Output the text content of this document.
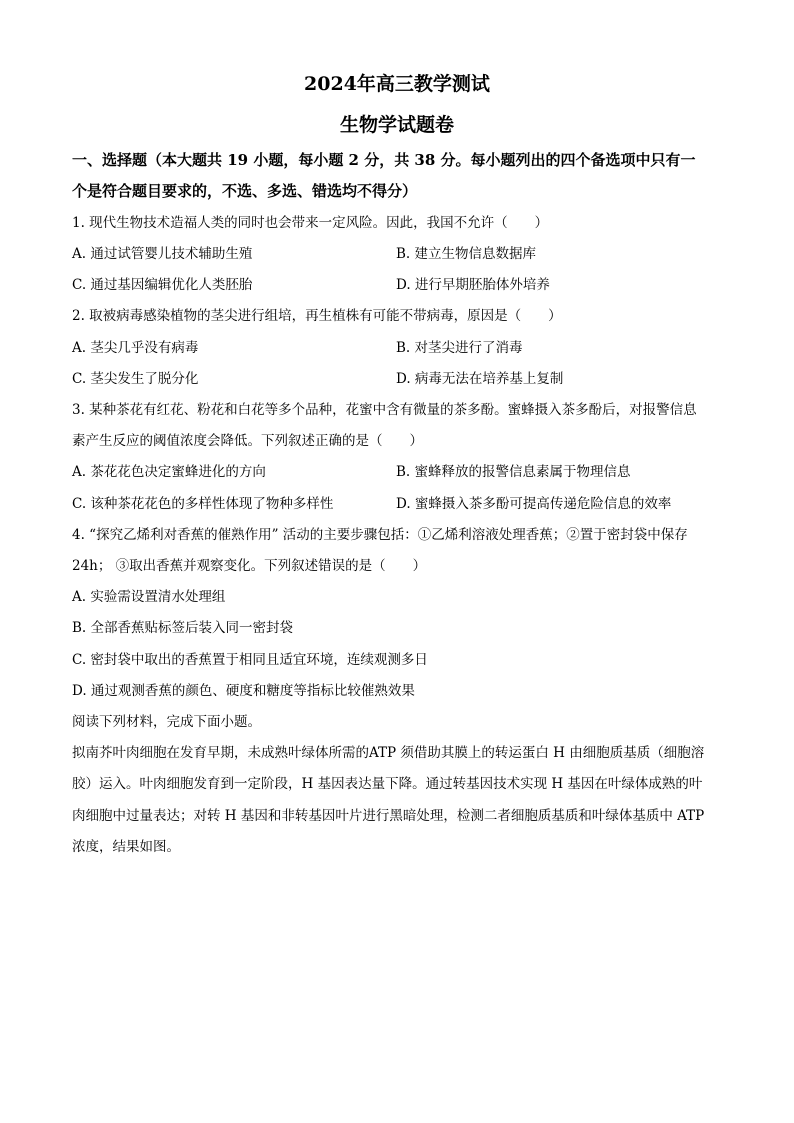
2024年高三教学测试
生物学试题卷
一、选择题（本大题共 19 小题，每小题 2 分，共 38 分。每小题列出的四个备选项中只有一
个是符合题目要求的，不选、多选、错选均不得分）
1. 现代生物技术造福人类的同时也会带来一定风险。因此，我国不允许（　　）
A. 通过试管婴儿技术辅助生殖	B. 建立生物信息数据库
C. 通过基因编辑优化人类胚胎	D. 进行早期胚胎体外培养
2. 取被病毒感染植物的茎尖进行组培，再生植株有可能不带病毒，原因是（　　）
A. 茎尖几乎没有病毒	B. 对茎尖进行了消毒
C. 茎尖发生了脱分化	D. 病毒无法在培养基上复制
3. 某种茶花有红花、粉花和白花等多个品种，花蜜中含有微量的茶多酚。蜜蜂摄入茶多酚后，对报警信息
素产生反应的阈值浓度会降低。下列叙述正确的是（　　）
A. 茶花花色决定蜜蜂进化的方向	B. 蜜蜂释放的报警信息素属于物理信息
C. 该种茶花花色的多样性体现了物种多样性	D. 蜜蜂摄入茶多酚可提高传递危险信息的效率
4. “探究乙烯利对香蕉的催熟作用” 活动的主要步骤包括：①乙烯利溶液处理香蕉；②置于密封袋中保存
24h； ③取出香蕉并观察变化。下列叙述错误的是（　　）
A. 实验需设置清水处理组
B. 全部香蕉贴标签后装入同一密封袋
C. 密封袋中取出的香蕉置于相同且适宜环境，连续观测多日
D. 通过观测香蕉的颜色、硬度和糖度等指标比较催熟效果
阅读下列材料，完成下面小题。
拟南芥叶肉细胞在发育早期，未成熟叶绿体所需的ATP 须借助其膜上的转运蛋白 H 由细胞质基质（细胞溶
胶）运入。叶肉细胞发育到一定阶段，H 基因表达量下降。通过转基因技术实现 H 基因在叶绿体成熟的叶
肉细胞中过量表达；对转 H 基因和非转基因叶片进行黑暗处理，检测二者细胞质基质和叶绿体基质中 ATP
浓度，结果如图。
